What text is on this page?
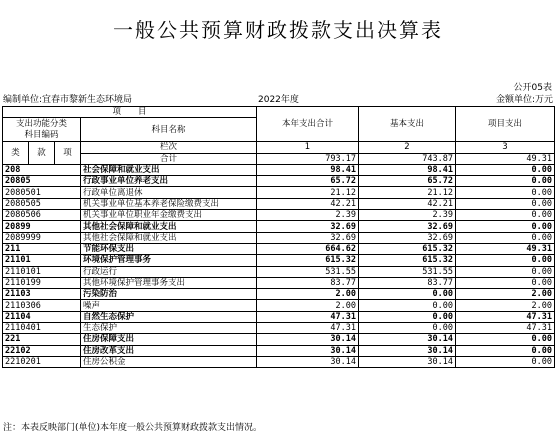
一般公共预算财政拨款支出决算表
公开05表
编制单位:宜春市黎新生态环境局	2022年度	金额单位:万元
项　　目				本年支出合计	基本支出	项目支出
支出功能分类
科目编码			科目名称			

类	款	项	栏次	1	2	3
			合计	793.17	743.87	49.31
208			社会保障和就业支出	98.41	98.41	0.00
20805			行政事业单位养老支出	65.72	65.72	0.00
2080501			行政单位离退休	21.12	21.12	0.00
2080505			机关事业单位基本养老保险缴费支出	42.21	42.21	0.00
2080506			机关事业单位职业年金缴费支出	2.39	2.39	0.00
20899			其他社会保障和就业支出	32.69	32.69	0.00
2089999			其他社会保障和就业支出	32.69	32.69	0.00
211			节能环保支出	664.62	615.32	49.31
21101			环境保护管理事务	615.32	615.32	0.00
2110101			行政运行	531.55	531.55	0.00
2110199			其他环境保护管理事务支出	83.77	83.77	0.00
21103			污染防治	2.00	0.00	2.00
2110306			噪声	2.00	0.00	2.00
21104			自然生态保护	47.31	0.00	47.31
2110401			生态保护	47.31	0.00	47.31
221			住房保障支出	30.14	30.14	0.00
22102			住房改革支出	30.14	30.14	0.00
2210201			住房公积金	30.14	30.14	0.00
注：本表反映部门(单位)本年度一般公共预算财政拨款支出情况。
